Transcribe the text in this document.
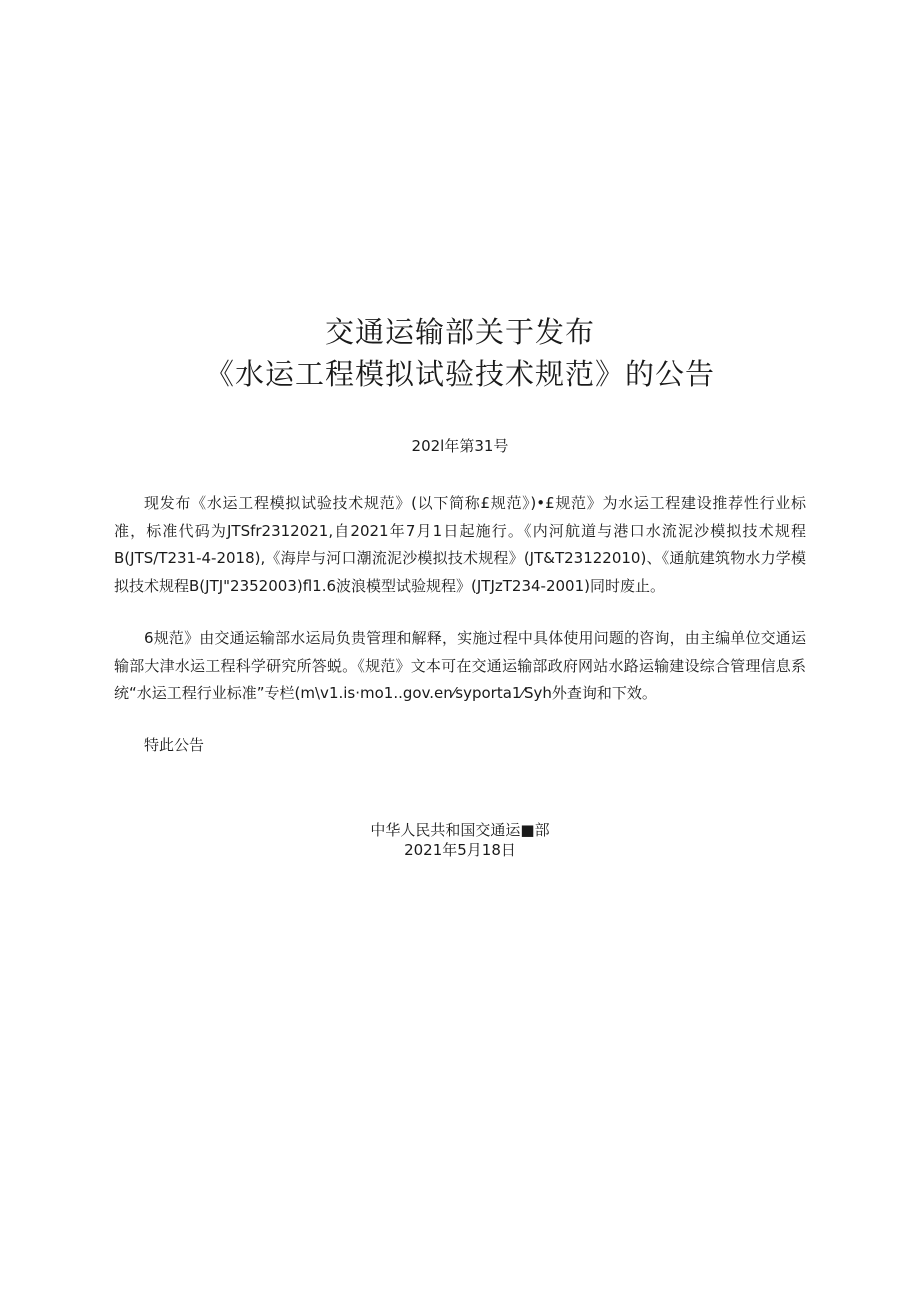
交通运输部关于发布
《水运工程模拟试验技术规范》的公告
202l年第31号

现发布《水运工程模拟试验技术规范》(以下简称£规范》)•£规范》为水运工程建设推荐性行业标准，标准代码为JTSfr2312021,自2021年7月1日起施行。《内河航道与港口水流泥沙模拟技术规程B(JTS/T231-4-2018),《海岸与河口潮流泥沙模拟技术规程》(JT&T23122010)、《通航建筑物水力学模拟技术规程B(JTJ"2352003)fl1.6波浪模型试验规程》(JTJzT234-2001)同时废止。

6规范》由交通运输部水运局负贵管理和解释，实施过程中具体使用问题的咨询，由主编单位交通运输部大津水运工程科学研究所答蜕。《规范》文本可在交通运输部政府网站水路运输建设综合管理信息系统“水运工程行业标准”专栏(m\v1.is·mo1..gov.en⁄syporta1⁄Syh外查询和下效。

特此公告

中华人民共和国交通运■部
2021年5月18日
